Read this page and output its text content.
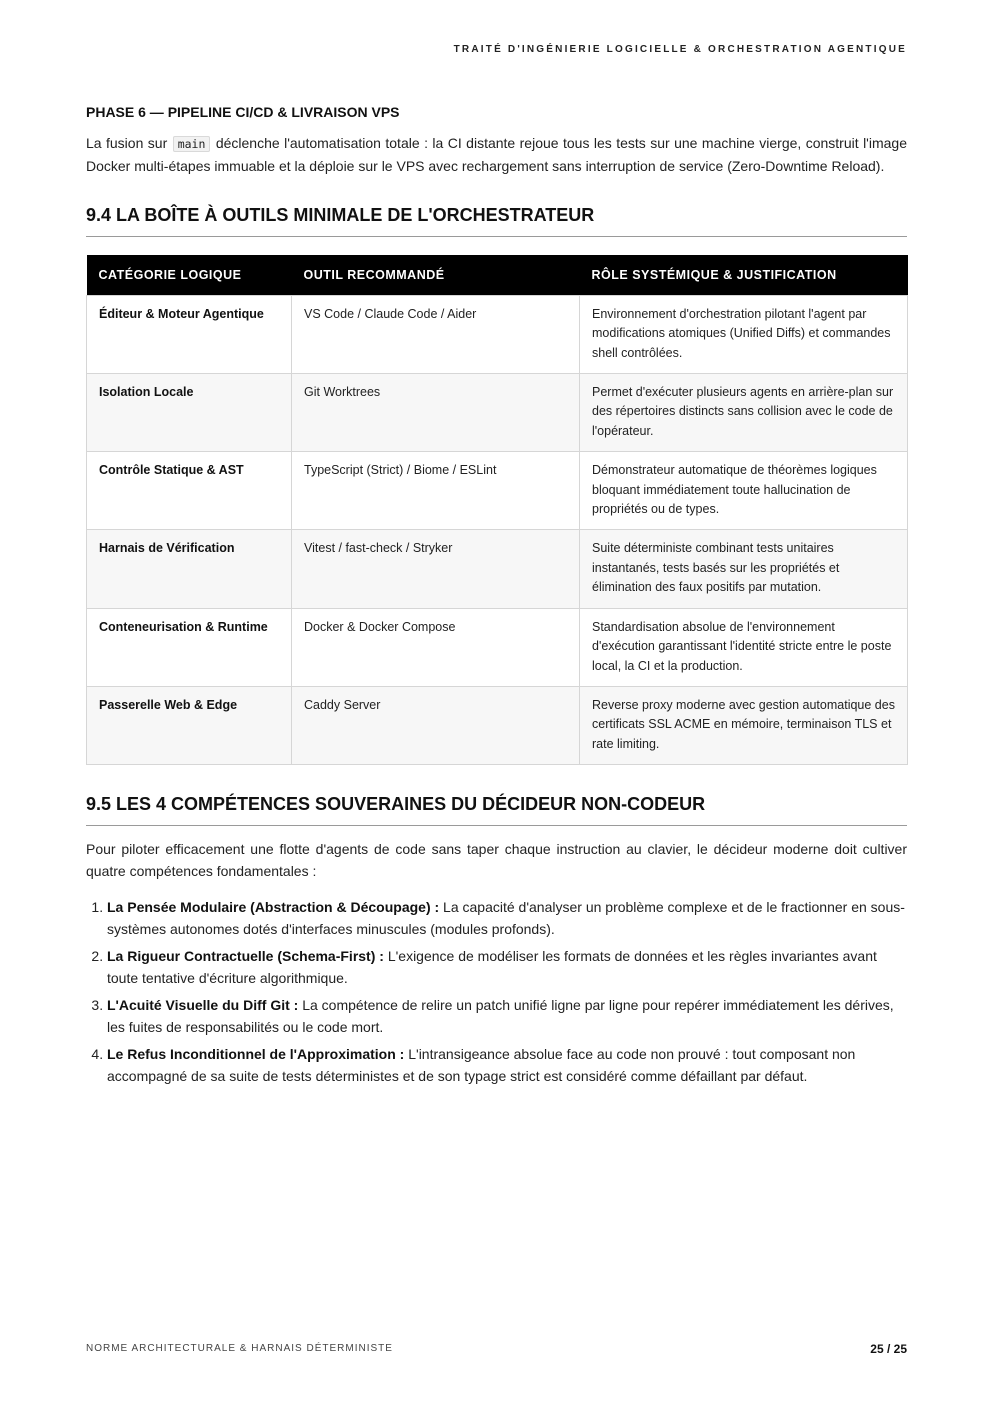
TRAITÉ D'INGÉNIERIE LOGICIELLE & ORCHESTRATION AGENTIQUE
PHASE 6 — PIPELINE CI/CD & LIVRAISON VPS

La fusion sur main déclenche l'automatisation totale : la CI distante rejoue tous les tests sur une machine vierge, construit l'image Docker multi-étapes immuable et la déploie sur le VPS avec rechargement sans interruption de service (Zero-Downtime Reload).

9.4 LA BOÎTE À OUTILS MINIMALE DE L'ORCHESTRATEUR
CATÉGORIE LOGIQUE	OUTIL RECOMMANDÉ	RÔLE SYSTÉMIQUE & JUSTIFICATION
Éditeur & Moteur Agentique	VS Code / Claude Code / Aider	Environnement d'orchestration pilotant l'agent par modifications atomiques (Unified Diffs) et commandes shell contrôlées.
Isolation Locale	Git Worktrees	Permet d'exécuter plusieurs agents en arrière-plan sur des répertoires distincts sans collision avec le code de l'opérateur.
Contrôle Statique & AST	TypeScript (Strict) / Biome / ESLint	Démonstrateur automatique de théorèmes logiques bloquant immédiatement toute hallucination de propriétés ou de types.
Harnais de Vérification	Vitest / fast-check / Stryker	Suite déterministe combinant tests unitaires instantanés, tests basés sur les propriétés et élimination des faux positifs par mutation.
Conteneurisation & Runtime	Docker & Docker Compose	Standardisation absolue de l'environnement d'exécution garantissant l'identité stricte entre le poste local, la CI et la production.
Passerelle Web & Edge	Caddy Server	Reverse proxy moderne avec gestion automatique des certificats SSL ACME en mémoire, terminaison TLS et rate limiting.
9.5 LES 4 COMPÉTENCES SOUVERAINES DU DÉCIDEUR NON-CODEUR

Pour piloter efficacement une flotte d'agents de code sans taper chaque instruction au clavier, le décideur moderne doit cultiver quatre compétences fondamentales :

1. La Pensée Modulaire (Abstraction & Découpage) : La capacité d'analyser un problème complexe et de le fractionner en sous-systèmes autonomes dotés d'interfaces minuscules (modules profonds).
2. La Rigueur Contractuelle (Schema-First) : L'exigence de modéliser les formats de données et les règles invariantes avant toute tentative d'écriture algorithmique.
3. L'Acuité Visuelle du Diff Git : La compétence de relire un patch unifié ligne par ligne pour repérer immédiatement les dérives, les fuites de responsabilités ou le code mort.
4. Le Refus Inconditionnel de l'Approximation : L'intransigeance absolue face au code non prouvé : tout composant non accompagné de sa suite de tests déterministes et de son typage strict est considéré comme défaillant par défaut.
NORME ARCHITECTURALE & HARNAIS DÉTERMINISTE	25 / 25
